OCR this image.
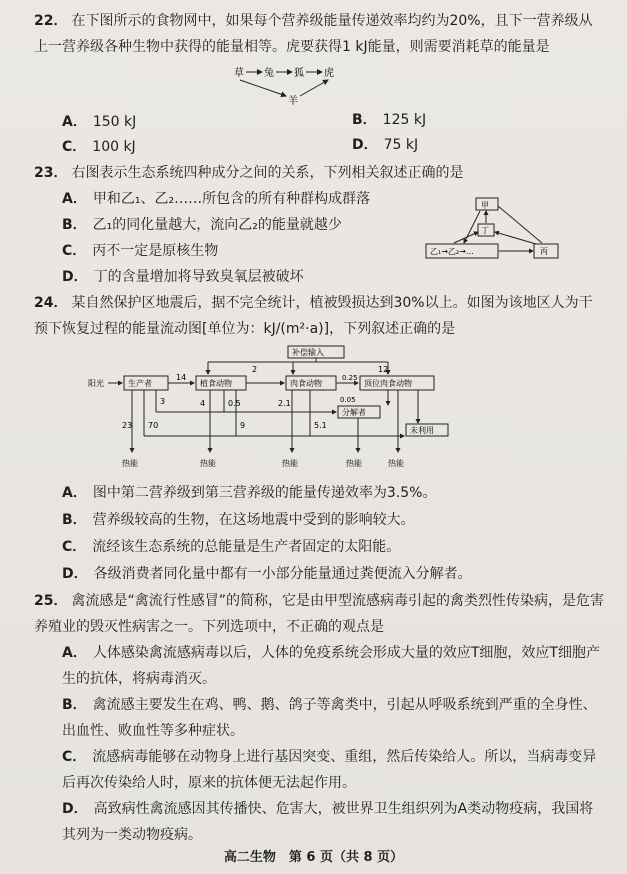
22． 在下图所示的食物网中，如果每个营养级能量传递效率均约为20%，且下一营养级从上一营养级各种生物中获得的能量相等。虎要获得1 kJ能量，则需要消耗草的能量是
草 兔 狐 虎
羊
A． 150 kJ	B． 125 kJ
C． 100 kJ	D． 75 kJ
23． 右图表示生态系统四种成分之间的关系，下列相关叙述正确的是
A． 甲和乙₁、乙₂……所包含的所有种群构成群落
B． 乙₁的同化量越大，流向乙₂的能量就越少
C． 丙不一定是原核生物
D． 丁的含量增加将导致臭氧层被破坏
甲
丁
乙₁→乙₂→…	丙
24． 某自然保护区地震后，据不完全统计，植被毁损达到30%以上。如图为该地区人为干预下恢复过程的能量流动图[单位为：kJ/(m²·a)]，下列叙述正确的是
补偿输入
2	12
阳光	生产者
14
植食动物	肉食动物
0.25
顶位肉食动物
分解者
0.05
未利用
23 70
3	4	0.5
9
2.1
5.1
热能	热能	热能	热能	热能
A． 图中第二营养级到第三营养级的能量传递效率为3.5%。
B． 营养级较高的生物，在这场地震中受到的影响较大。
C． 流经该生态系统的总能量是生产者固定的太阳能。
D． 各级消费者同化量中都有一小部分能量通过粪便流入分解者。
25． 禽流感是“禽流行性感冒”的简称，它是由甲型流感病毒引起的禽类烈性传染病，是危害养殖业的毁灭性病害之一。下列选项中，不正确的观点是
A． 人体感染禽流感病毒以后，人体的免疫系统会形成大量的效应T细胞，效应T细胞产生的抗体，将病毒消灭。
B． 禽流感主要发生在鸡、鸭、鹅、鸽子等禽类中，引起从呼吸系统到严重的全身性、出血性、败血性等多种症状。
C． 流感病毒能够在动物身上进行基因突变、重组，然后传染给人。所以，当病毒变异后再次传染给人时，原来的抗体便无法起作用。
D． 高致病性禽流感因其传播快、危害大，被世界卫生组织列为A类动物疫病，我国将其列为一类动物疫病。
高二生物　第 6 页（共 8 页）
